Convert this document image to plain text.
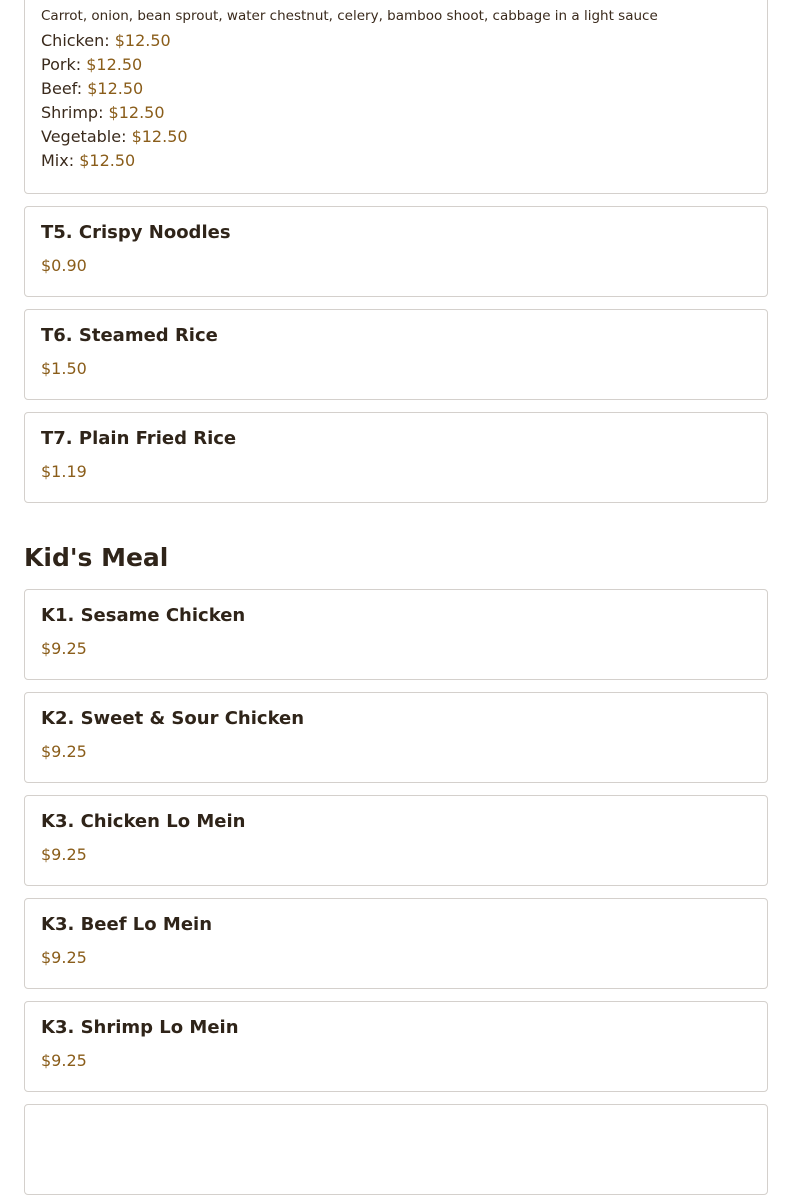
Carrot, onion, bean sprout, water chestnut, celery, bamboo shoot, cabbage in a light sauce

Chicken: $12.50
Pork: $12.50
Beef: $12.50
Shrimp: $12.50
Vegetable: $12.50
Mix: $12.50
T5. Crispy Noodles
$0.90
T6. Steamed Rice
$1.50
T7. Plain Fried Rice
$1.19
Kid's Meal
K1. Sesame Chicken
$9.25
K2. Sweet & Sour Chicken
$9.25
K3. Chicken Lo Mein
$9.25
K3. Beef Lo Mein
$9.25
K3. Shrimp Lo Mein
$9.25
